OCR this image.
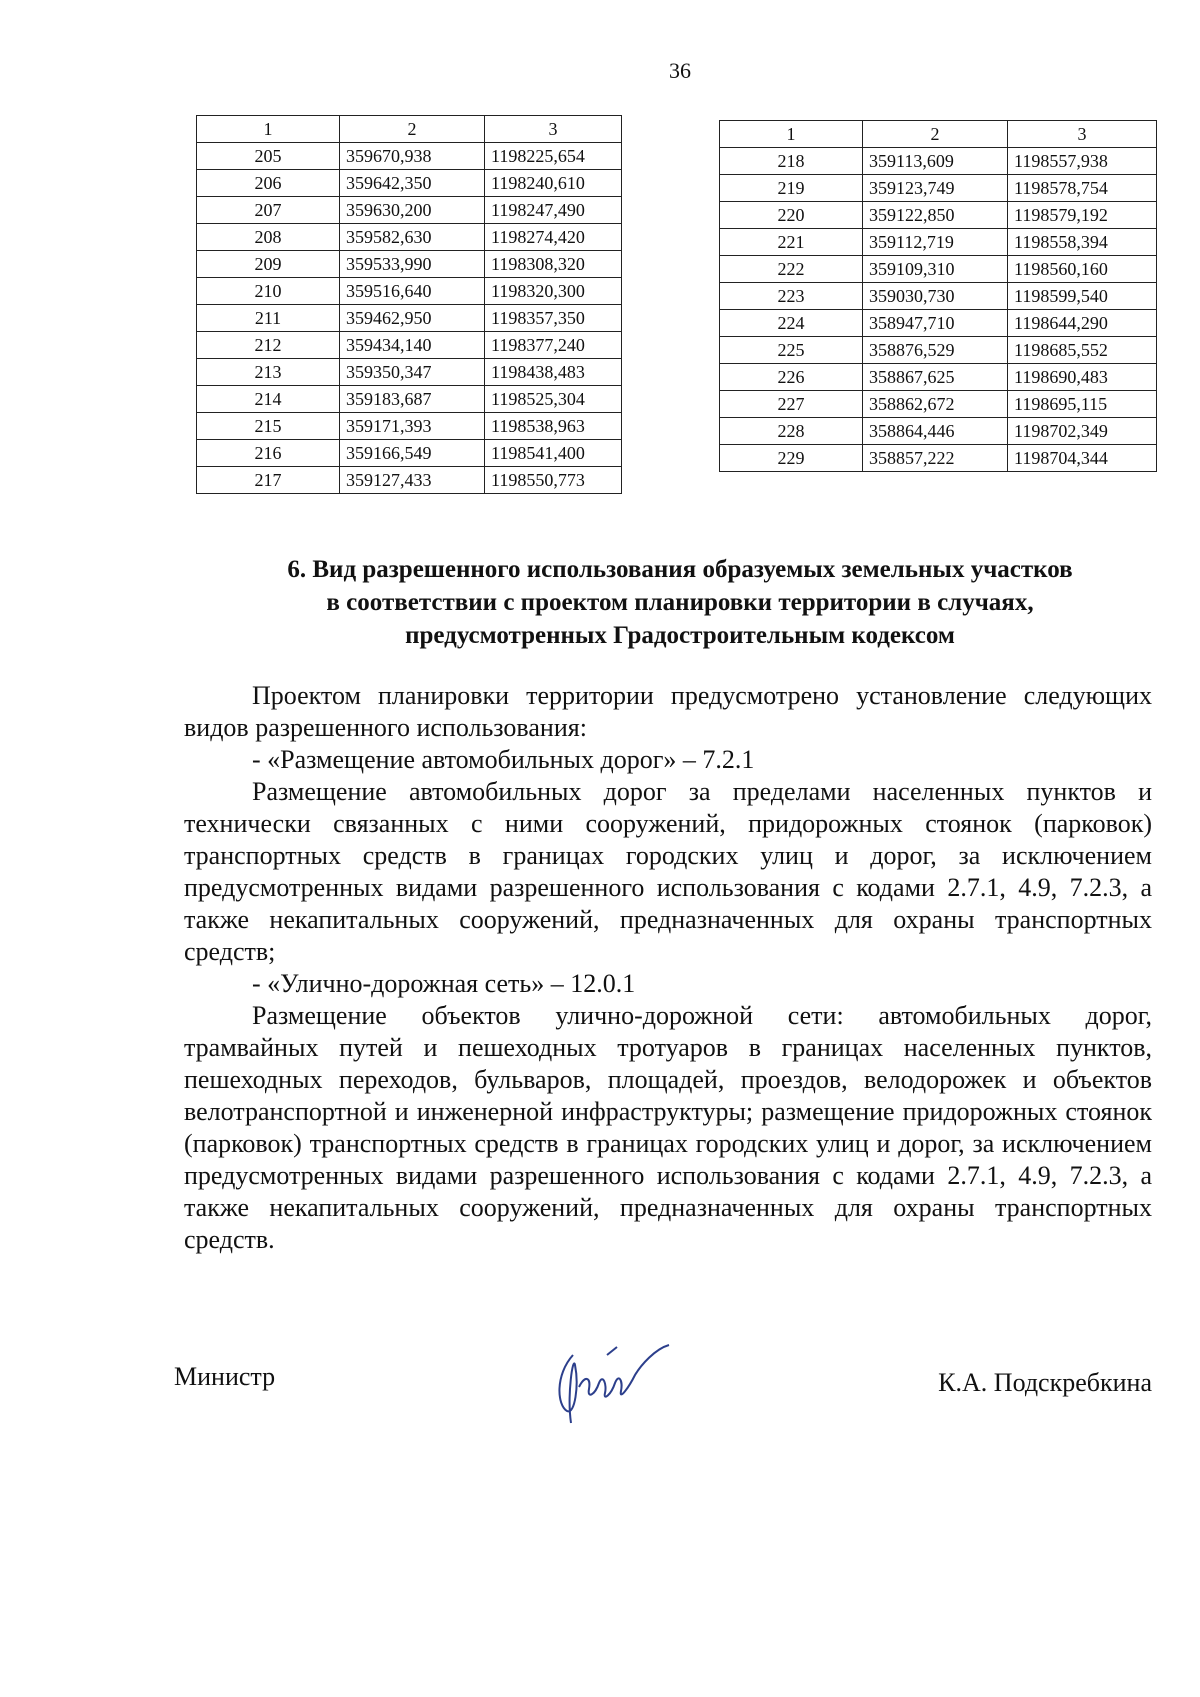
36
1	2	3
205	359670,938	1198225,654
206	359642,350	1198240,610
207	359630,200	1198247,490
208	359582,630	1198274,420
209	359533,990	1198308,320
210	359516,640	1198320,300
211	359462,950	1198357,350
212	359434,140	1198377,240
213	359350,347	1198438,483
214	359183,687	1198525,304
215	359171,393	1198538,963
216	359166,549	1198541,400
217	359127,433	1198550,773
1	2	3
218	359113,609	1198557,938
219	359123,749	1198578,754
220	359122,850	1198579,192
221	359112,719	1198558,394
222	359109,310	1198560,160
223	359030,730	1198599,540
224	358947,710	1198644,290
225	358876,529	1198685,552
226	358867,625	1198690,483
227	358862,672	1198695,115
228	358864,446	1198702,349
229	358857,222	1198704,344
6. Вид разрешенного использования образуемых земельных участков
в соответствии с проектом планировки территории в случаях,
предусмотренных Градостроительным кодексом

Проектом планировки территории предусмотрено установление следующих видов разрешенного использования:

- «Размещение автомобильных дорог» – 7.2.1

Размещение автомобильных дорог за пределами населенных пунктов и технически связанных с ними сооружений, придорожных стоянок (парковок) транспортных средств в границах городских улиц и дорог, за исключением предусмотренных видами разрешенного использования с кодами 2.7.1, 4.9, 7.2.3, а также некапитальных сооружений, предназначенных для охраны транспортных средств;

- «Улично-дорожная сеть» – 12.0.1

Размещение объектов улично-дорожной сети: автомобильных дорог, трамвайных путей и пешеходных тротуаров в границах населенных пунктов, пешеходных переходов, бульваров, площадей, проездов, велодорожек и объектов велотранспортной и инженерной инфраструктуры; размещение придорожных стоянок (парковок) транспортных средств в границах городских улиц и дорог, за исключением предусмотренных видами разрешенного использования с кодами 2.7.1, 4.9, 7.2.3, а также некапитальных сооружений, предназначенных для охраны транспортных средств.

Министр	К.А. Подскребкина
